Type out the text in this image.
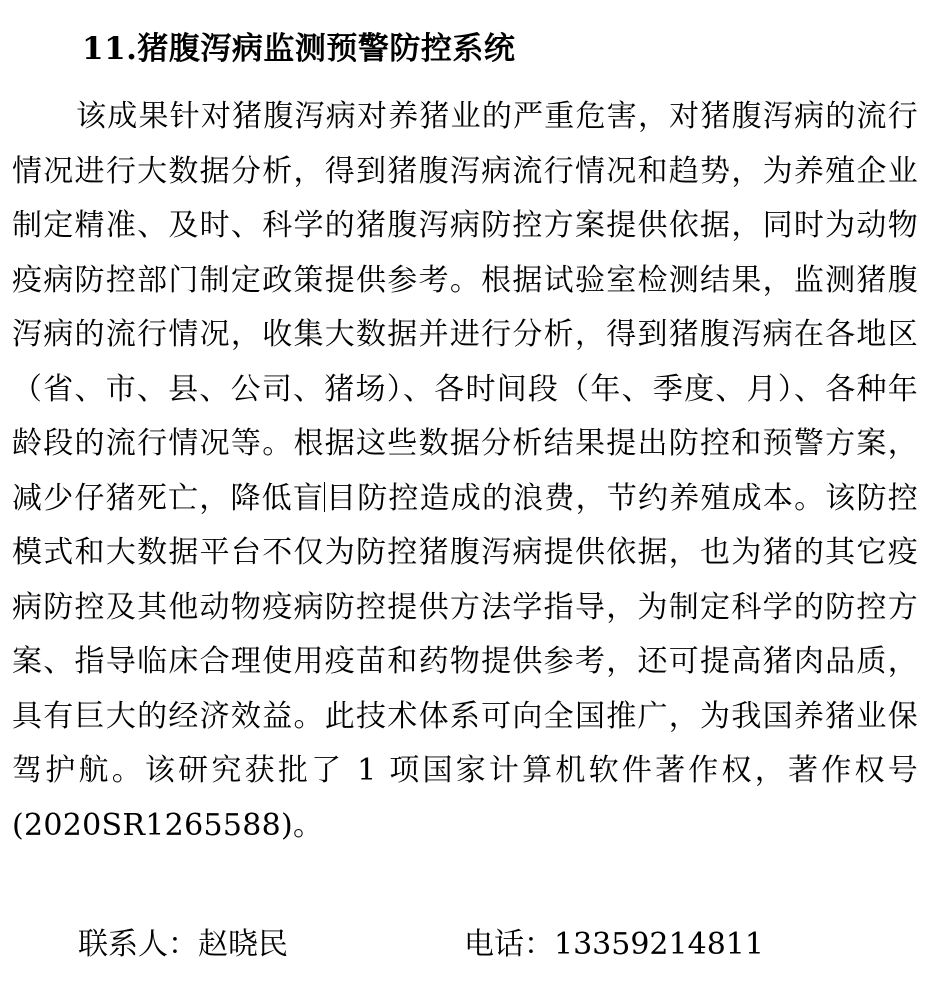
11.猪腹泻病监测预警防控系统

该成果针对猪腹泻病对养猪业的严重危害，对猪腹泻病的流行情况进行大数据分析，得到猪腹泻病流行情况和趋势，为养殖企业制定精准、及时、科学的猪腹泻病防控方案提供依据，同时为动物疫病防控部门制定政策提供参考。根据试验室检测结果，监测猪腹泻病的流行情况，收集大数据并进行分析，得到猪腹泻病在各地区（省、市、县、公司、猪场）、各时间段（年、季度、月）、各种年龄段的流行情况等。根据这些数据分析结果提出防控和预警方案，减少仔猪死亡，降低盲目防控造成的浪费，节约养殖成本。该防控模式和大数据平台不仅为防控猪腹泻病提供依据，也为猪的其它疫病防控及其他动物疫病防控提供方法学指导，为制定科学的防控方案、指导临床合理使用疫苗和药物提供参考，还可提高猪肉品质，具有巨大的经济效益。此技术体系可向全国推广，为我国养猪业保驾护航。该研究获批了 1 项国家计算机软件著作权，著作权号(2020SR1265588)。

联系人：赵晓民	电话：13359214811
